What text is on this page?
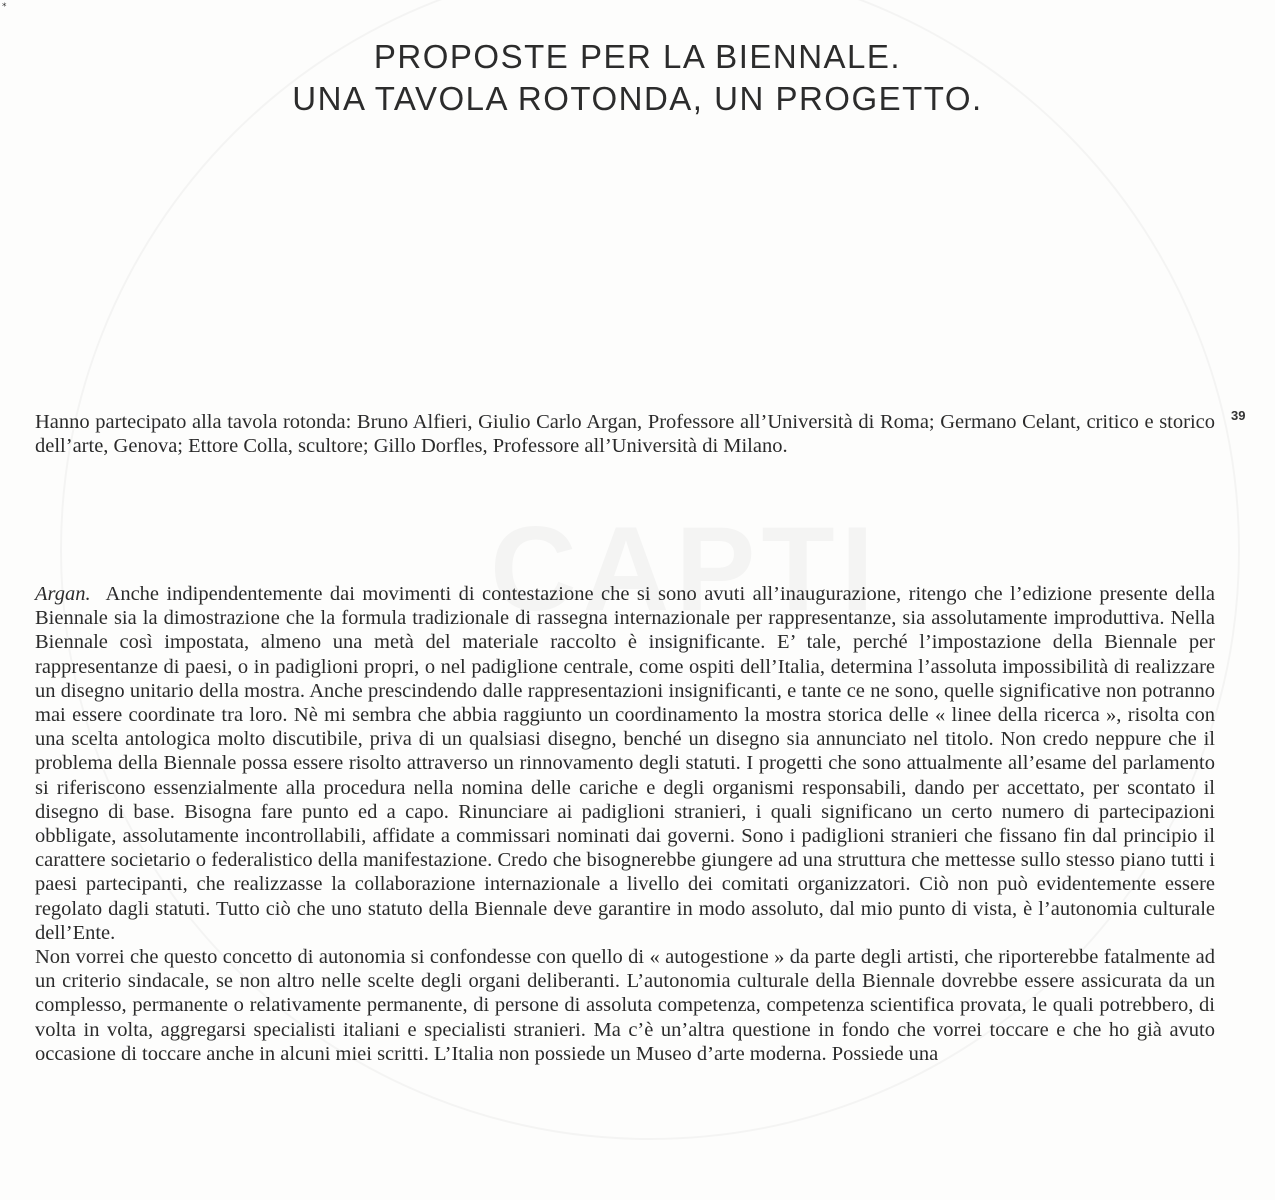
*
PROPOSTE PER LA BIENNALE.
UNA TAVOLA ROTONDA, UN PROGETTO.
39
Hanno partecipato alla tavola rotonda: Bruno Alfieri, Giulio Carlo Argan, Professore all’Università di Roma; Germano Celant, critico e storico dell’arte, Genova; Ettore Colla, scultore; Gillo Dorfles, Professore all’Università di Milano.

Argan. Anche indipendentemente dai movimenti di contestazione che si sono avuti all’inaugurazione, ritengo che l’edizione presente della Biennale sia la dimostrazione che la formula tradizionale di rassegna internazionale per rappresentanze, sia assolutamente improduttiva. Nella Biennale così impostata, almeno una metà del materiale raccolto è insignificante. E’ tale, perché l’impostazione della Biennale per rappresentanze di paesi, o in padiglioni propri, o nel padiglione centrale, come ospiti dell’Italia, determina l’assoluta impossibilità di realizzare un disegno unitario della mostra. Anche prescindendo dalle rappresentazioni insignificanti, e tante ce ne sono, quelle significative non potranno mai essere coordinate tra loro. Nè mi sembra che abbia raggiunto un coordinamento la mostra storica delle « linee della ricerca », risolta con una scelta antologica molto discutibile, priva di un qualsiasi disegno, benché un disegno sia annunciato nel titolo. Non credo neppure che il problema della Biennale possa essere risolto attraverso un rinnovamento degli statuti. I progetti che sono attualmente all’esame del parlamento si riferiscono essenzialmente alla procedura nella nomina delle cariche e degli organismi responsabili, dando per accettato, per scontato il disegno di base. Bisogna fare punto ed a capo. Rinunciare ai padiglioni stranieri, i quali significano un certo numero di partecipazioni obbligate, assolutamente incontrollabili, affidate a commissari nominati dai governi. Sono i padiglioni stranieri che fissano fin dal principio il carattere societario o federalistico della manifestazione. Credo che bisognerebbe giungere ad una struttura che mettesse sullo stesso piano tutti i paesi partecipanti, che realizzasse la collaborazione internazionale a livello dei comitati organizzatori. Ciò non può evidentemente essere regolato dagli statuti. Tutto ciò che uno statuto della Biennale deve garantire in modo assoluto, dal mio punto di vista, è l’autonomia culturale dell’Ente.

Non vorrei che questo concetto di autonomia si confondesse con quello di « autogestione » da parte degli artisti, che riporterebbe fatalmente ad un criterio sindacale, se non altro nelle scelte degli organi deliberanti. L’autonomia culturale della Biennale dovrebbe essere assicurata da un complesso, permanente o relativamente permanente, di persone di assoluta competenza, competenza scientifica provata, le quali potrebbero, di volta in volta, aggregarsi specialisti italiani e specialisti stranieri. Ma c’è un’altra questione in fondo che vorrei toccare e che ho già avuto occasione di toccare anche in alcuni miei scritti. L’Italia non possiede un Museo d’arte moderna. Possiede una
